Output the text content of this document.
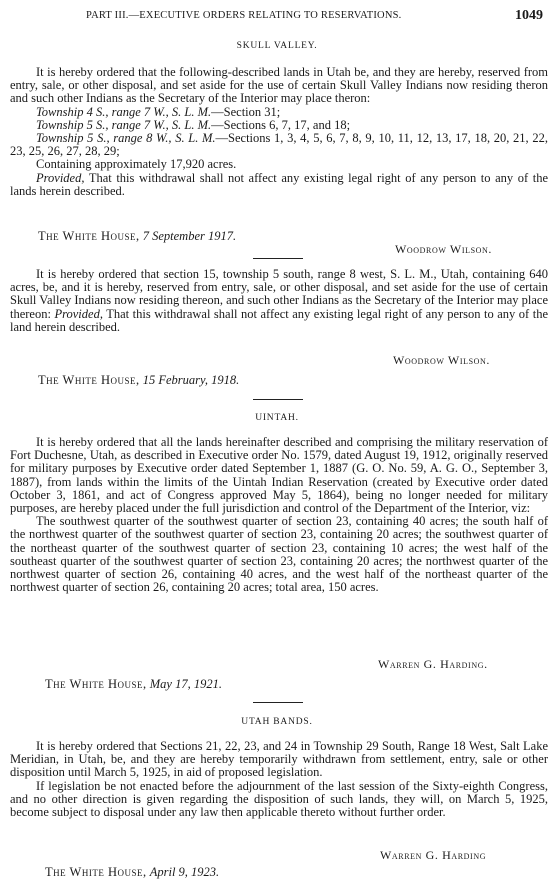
PART III.—EXECUTIVE ORDERS RELATING TO RESERVATIONS.	1049
SKULL VALLEY.

It is hereby ordered that the following-described lands in Utah be, and they are hereby, reserved from entry, sale, or other disposal, and set aside for the use of certain Skull Valley Indians now residing theron and such other Indians as the Secretary of the Interior may place theron:

Township 4 S., range 7 W., S. L. M.—Section 31;

Township 5 S., range 7 W., S. L. M.—Sections 6, 7, 17, and 18;

Township 5 S., range 8 W., S. L. M.—Sections 1, 3, 4, 5, 6, 7, 8, 9, 10, 11, 12, 13, 17, 18, 20, 21, 22, 23, 25, 26, 27, 28, 29;

Containing approximately 17,920 acres.

Provided, That this withdrawal shall not affect any existing legal right of any person to any of the lands herein described.

Woodrow Wilson.
The White House, 7 September 1917.

It is hereby ordered that section 15, township 5 south, range 8 west, S. L. M., Utah, containing 640 acres, be, and it is hereby, reserved from entry, sale, or other disposal, and set aside for the use of certain Skull Valley Indians now residing thereon, and such other Indians as the Secretary of the Interior may place thereon: Provided, That this withdrawal shall not affect any existing legal right of any person to any of the land herein described.

Woodrow Wilson.
The White House, 15 February, 1918.
UINTAH.

It is hereby ordered that all the lands hereinafter described and comprising the military reservation of Fort Duchesne, Utah, as described in Executive order No. 1579, dated August 19, 1912, originally reserved for military purposes by Executive order dated September 1, 1887 (G. O. No. 59, A. G. O., September 3, 1887), from lands within the limits of the Uintah Indian Reservation (created by Executive order dated October 3, 1861, and act of Congress approved May 5, 1864), being no longer needed for military purposes, are hereby placed under the full jurisdiction and control of the Department of the Interior, viz:

The southwest quarter of the southwest quarter of section 23, containing 40 acres; the south half of the northwest quarter of the southwest quarter of section 23, containing 20 acres; the southwest quarter of the northeast quarter of the southwest quarter of section 23, containing 10 acres; the west half of the southeast quarter of the southwest quarter of section 23, containing 20 acres; the northwest quarter of the northwest quarter of section 26, containing 40 acres, and the west half of the northeast quarter of the northwest quarter of section 26, containing 20 acres; total area, 150 acres.

Warren G. Harding.
The White House, May 17, 1921.
UTAH BANDS.

It is hereby ordered that Sections 21, 22, 23, and 24 in Township 29 South, Range 18 West, Salt Lake Meridian, in Utah, be, and they are hereby temporarily withdrawn from settlement, entry, sale or other disposition until March 5, 1925, in aid of proposed legislation.

If legislation be not enacted before the adjournment of the last session of the Sixty-eighth Congress, and no other direction is given regarding the disposition of such lands, they will, on March 5, 1925, become subject to disposal under any law then applicable thereto without further order.

Warren G. Harding
The White House, April 9, 1923.
